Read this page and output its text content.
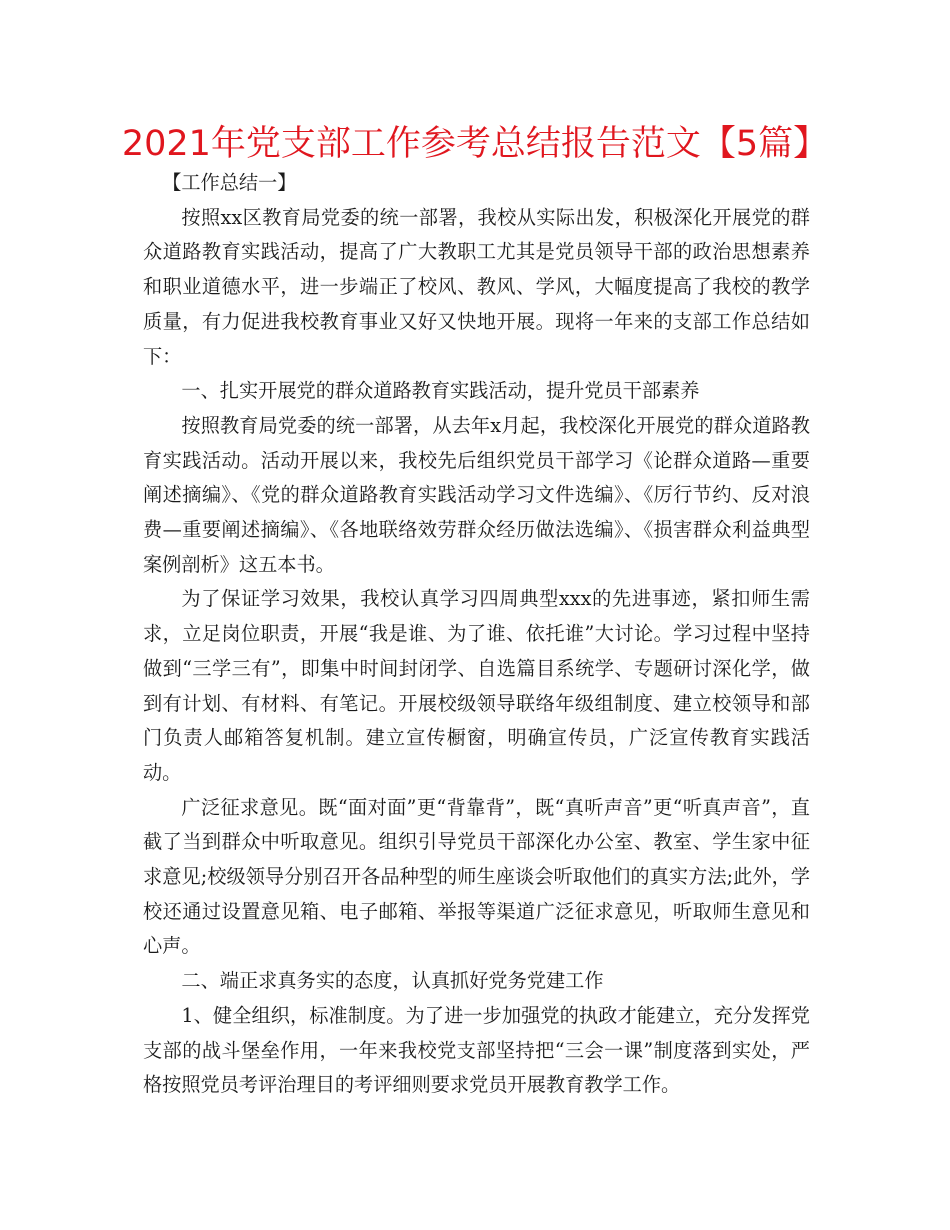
2021年党支部工作参考总结报告范文【5篇】

【工作总结一】

按照xx区教育局党委的统一部署，我校从实际出发，积极深化开展党的群众道路教育实践活动，提高了广大教职工尤其是党员领导干部的政治思想素养和职业道德水平，进一步端正了校风、教风、学风，大幅度提高了我校的教学质量，有力促进我校教育事业又好又快地开展。现将一年来的支部工作总结如下：

一、扎实开展党的群众道路教育实践活动，提升党员干部素养

按照教育局党委的统一部署，从去年x月起，我校深化开展党的群众道路教育实践活动。活动开展以来，我校先后组织党员干部学习《论群众道路—重要阐述摘编》、《党的群众道路教育实践活动学习文件选编》、《厉行节约、反对浪费—重要阐述摘编》、《各地联络效劳群众经历做法选编》、《损害群众利益典型案例剖析》这五本书。

为了保证学习效果，我校认真学习四周典型xxx的先进事迹，紧扣师生需求，立足岗位职责，开展“我是谁、为了谁、依托谁”大讨论。学习过程中坚持做到“三学三有”，即集中时间封闭学、自选篇目系统学、专题研讨深化学，做到有计划、有材料、有笔记。开展校级领导联络年级组制度、建立校领导和部门负责人邮箱答复机制。建立宣传橱窗，明确宣传员，广泛宣传教育实践活动。

广泛征求意见。既“面对面”更“背靠背”，既“真听声音”更“听真声音”，直截了当到群众中听取意见。组织引导党员干部深化办公室、教室、学生家中征求意见;校级领导分别召开各品种型的师生座谈会听取他们的真实方法;此外，学校还通过设置意见箱、电子邮箱、举报等渠道广泛征求意见，听取师生意见和心声。

二、端正求真务实的态度，认真抓好党务党建工作

1、健全组织，标准制度。为了进一步加强党的执政才能建立，充分发挥党支部的战斗堡垒作用，一年来我校党支部坚持把“三会一课”制度落到实处，严格按照党员考评治理目的考评细则要求党员开展教育教学工作。
